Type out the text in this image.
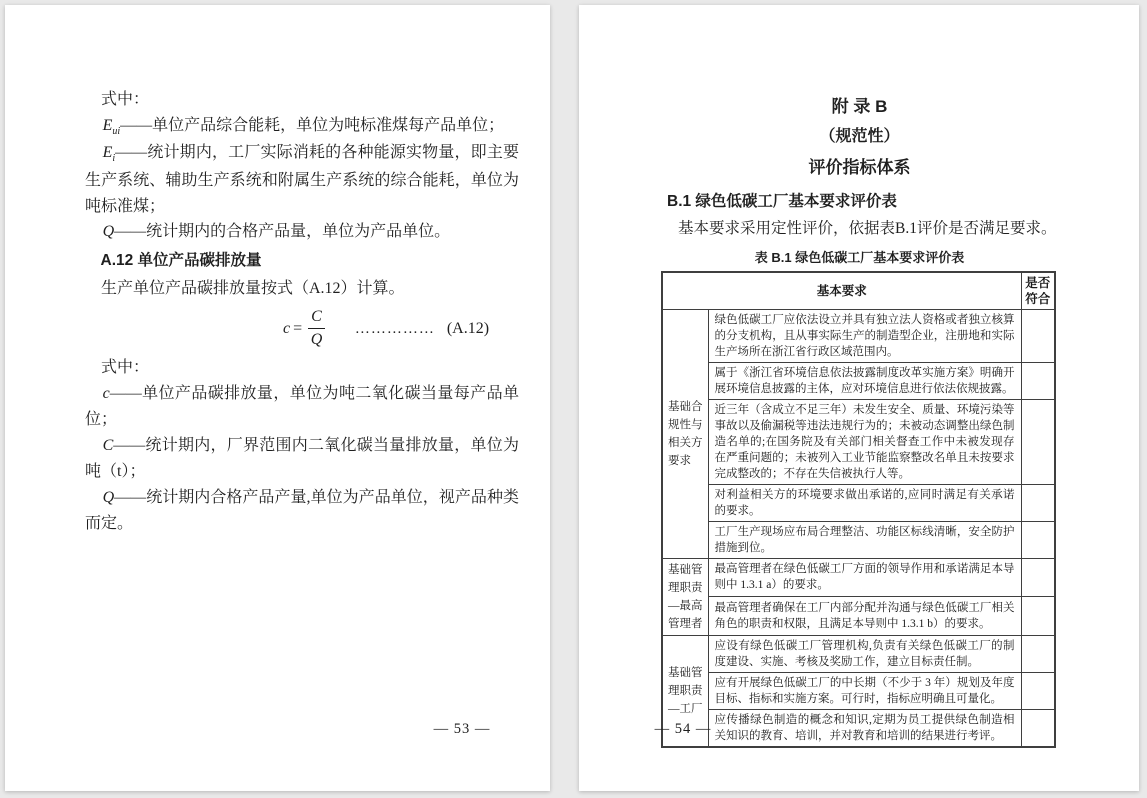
式中：

$E_{ui}——$单位产品综合能耗，单位为吨标准煤每产品单位；

$E_i——$统计期内，工厂实际消耗的各种能源实物量，即主要生产系统、辅助生产系统和附属生产系统的综合能耗，单位为吨标准煤；

Q——统计期内的合格产品量，单位为产品单位。

A.12 单位产品碳排放量

生产单位产品碳排放量按式（A.12）计算。

$c = \frac{C}{Q}$ …………… (A.12)

式中：

c——单位产品碳排放量，单位为吨二氧化碳当量每产品单位；

C——统计期内，厂界范围内二氧化碳当量排放量，单位为吨（t）；

Q——统计期内合格产品产量,单位为产品单位，视产品种类而定。

— 53 —
附 录 B
（规范性）
评价指标体系
B.1 绿色低碳工厂基本要求评价表

基本要求采用定性评价，依据表B.1评价是否满足要求。

表 B.1 绿色低碳工厂基本要求评价表
基本要求		是否符合
基础合规性与相关方要求	绿色低碳工厂应依法设立并具有独立法人资格或者独立核算的分支机构，且从事实际生产的制造型企业，注册地和实际生产场所在浙江省行政区域范围内。	
	属于《浙江省环境信息依法披露制度改革实施方案》明确开展环境信息披露的主体，应对环境信息进行依法依规披露。	
	近三年（含成立不足三年）未发生安全、质量、环境污染等事故以及偷漏税等违法违规行为的；未被动态调整出绿色制造名单的;在国务院及有关部门相关督查工作中未被发现存在严重问题的；未被列入工业节能监察整改名单且未按要求完成整改的；不存在失信被执行人等。	
	对利益相关方的环境要求做出承诺的,应同时满足有关承诺的要求。	
	工厂生产现场应布局合理整洁、功能区标线清晰，安全防护措施到位。	
基础管理职责—最高管理者	最高管理者在绿色低碳工厂方面的领导作用和承诺满足本导则中 1.3.1 a）的要求。	
	最高管理者确保在工厂内部分配并沟通与绿色低碳工厂相关角色的职责和权限，且满足本导则中 1.3.1 b）的要求。	
基础管理职责—工厂	应设有绿色低碳工厂管理机构,负责有关绿色低碳工厂的制度建设、实施、考核及奖励工作，建立目标责任制。	
	应有开展绿色低碳工厂的中长期（不少于 3 年）规划及年度目标、指标和实施方案。可行时，指标应明确且可量化。	
	应传播绿色制造的概念和知识,定期为员工提供绿色制造相关知识的教育、培训，并对教育和培训的结果进行考评。	
— 54 —
